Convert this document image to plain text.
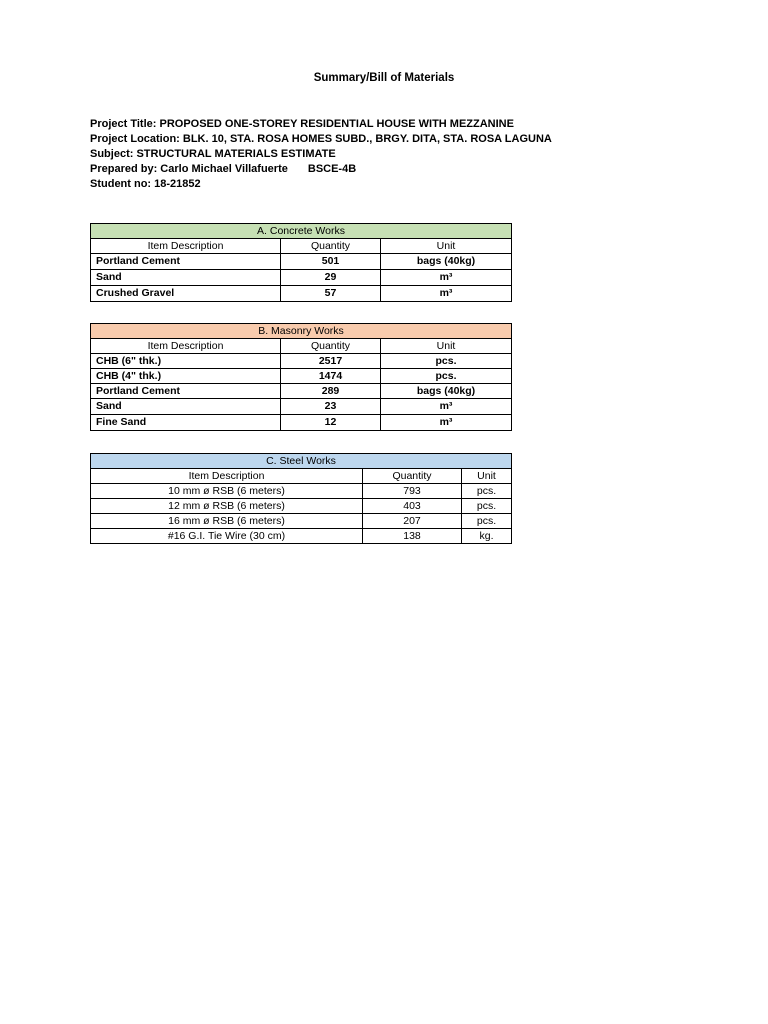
Summary/Bill of Materials
Project Title: PROPOSED ONE-STOREY RESIDENTIAL HOUSE WITH MEZZANINE
Project Location: BLK. 10, STA. ROSA HOMES SUBD., BRGY. DITA, STA. ROSA LAGUNA
Subject: STRUCTURAL MATERIALS ESTIMATE
Prepared by: Carlo Michael Villafuerte BSCE-4B
Student no: 18-21852
A. Concrete Works		
Item Description	Quantity	Unit
Portland Cement	501	bags (40kg)
Sand	29	m³
Crushed Gravel	57	m³
B. Masonry Works		
Item Description	Quantity	Unit
CHB (6" thk.)	2517	pcs.
CHB (4" thk.)	1474	pcs.
Portland Cement	289	bags (40kg)
Sand	23	m³
Fine Sand	12	m³
C. Steel Works		
Item Description	Quantity	Unit
10 mm ø RSB (6 meters)	793	pcs.
12 mm ø RSB (6 meters)	403	pcs.
16 mm ø RSB (6 meters)	207	pcs.
#16 G.I. Tie Wire (30 cm)	138	kg.
